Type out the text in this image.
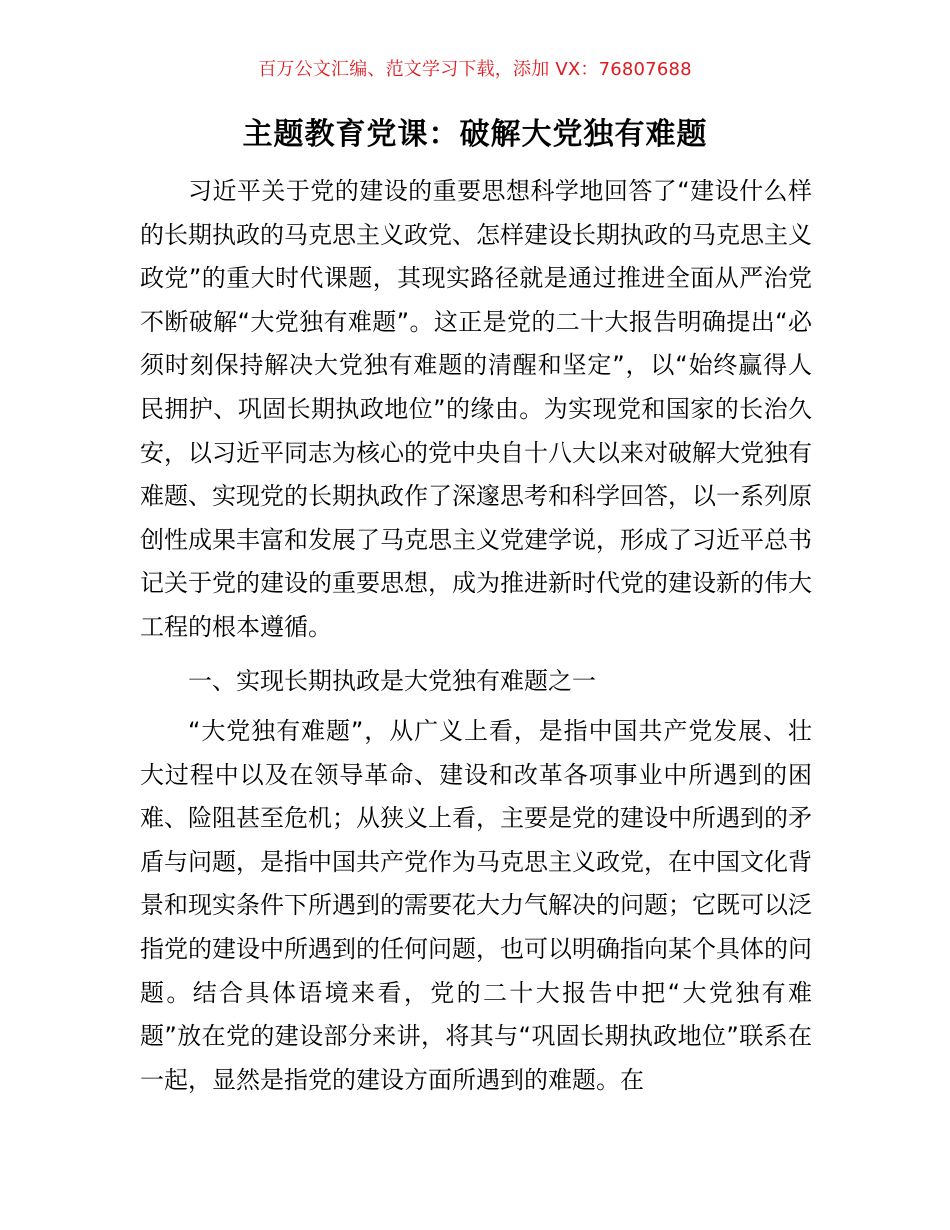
百万公文汇编、范文学习下载，添加 VX：76807688
主题教育党课：破解大党独有难题

习近平关于党的建设的重要思想科学地回答了“建设什么样的长期执政的马克思主义政党、怎样建设长期执政的马克思主义政党”的重大时代课题，其现实路径就是通过推进全面从严治党不断破解“大党独有难题”。这正是党的二十大报告明确提出“必须时刻保持解决大党独有难题的清醒和坚定”，以“始终赢得人民拥护、巩固长期执政地位”的缘由。为实现党和国家的长治久安，以习近平同志为核心的党中央自十八大以来对破解大党独有难题、实现党的长期执政作了深邃思考和科学回答，以一系列原创性成果丰富和发展了马克思主义党建学说，形成了习近平总书记关于党的建设的重要思想，成为推进新时代党的建设新的伟大工程的根本遵循。

一、实现长期执政是大党独有难题之一

“大党独有难题”，从广义上看，是指中国共产党发展、壮大过程中以及在领导革命、建设和改革各项事业中所遇到的困难、险阻甚至危机；从狭义上看，主要是党的建设中所遇到的矛盾与问题，是指中国共产党作为马克思主义政党，在中国文化背景和现实条件下所遇到的需要花大力气解决的问题；它既可以泛指党的建设中所遇到的任何问题，也可以明确指向某个具体的问题。结合具体语境来看，党的二十大报告中把“大党独有难题”放在党的建设部分来讲，将其与“巩固长期执政地位”联系在一起，显然是指党的建设方面所遇到的难题。在
